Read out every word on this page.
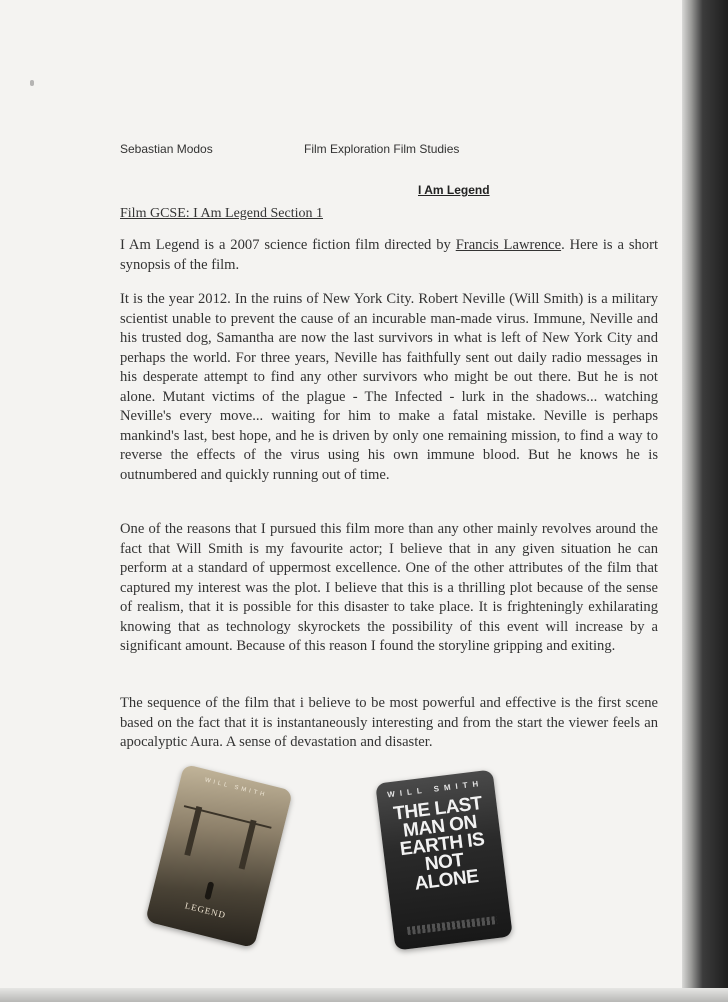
Sebastian Modos	Film Exploration Film Studies
I Am Legend
Film GCSE: I Am Legend Section 1

I Am Legend is a 2007 science fiction film directed by Francis Lawrence. Here is a short synopsis of the film.

It is the year 2012. In the ruins of New York City. Robert Neville (Will Smith) is a military scientist unable to prevent the cause of an incurable man-made virus. Immune, Neville and his trusted dog, Samantha are now the last survivors in what is left of New York City and perhaps the world. For three years, Neville has faithfully sent out daily radio messages in his desperate attempt to find any other survivors who might be out there. But he is not alone. Mutant victims of the plague - The Infected - lurk in the shadows... watching Neville's every move... waiting for him to make a fatal mistake. Neville is perhaps mankind's last, best hope, and he is driven by only one remaining mission, to find a way to reverse the effects of the virus using his own immune blood. But he knows he is outnumbered and quickly running out of time.

One of the reasons that I pursued this film more than any other mainly revolves around the fact that Will Smith is my favourite actor; I believe that in any given situation he can perform at a standard of uppermost excellence. One of the other attributes of the film that captured my interest was the plot. I believe that this is a thrilling plot because of the sense of realism, that it is possible for this disaster to take place. It is frighteningly exhilarating knowing that as technology skyrockets the possibility of this event will increase by a significant amount. Because of this reason I found the storyline gripping and exiting.

The sequence of the film that i believe to be most powerful and effective is the first scene based on the fact that it is instantaneously interesting and from the start the viewer feels an apocalyptic Aura. A sense of devastation and disaster.

WILL SMITH
LEGEND
WILL SMITH
THE LAST MAN ON EARTH IS NOT ALONE
